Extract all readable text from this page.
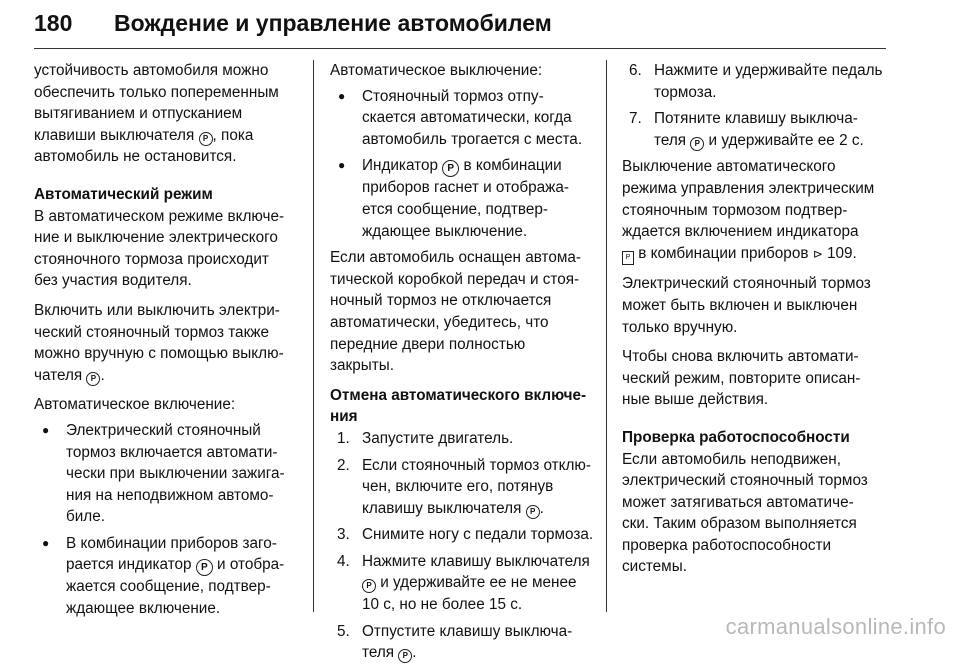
180 Вождение и управление автомобилем

устойчивость автомобиля можно
обеспечить только попеременным
вытягиванием и отпусканием
клавиши выключателя P , пока
автомобиль не остановится.

Автоматический режим

В автоматическом режиме включе-
ние и выключение электрического
стояночного тормоза происходит
без участия водителя.

Включить или выключить электри-
ческий стояночный тормоз также
можно вручную с помощью выклю-
чателя P .

Автоматическое включение:

● Электрический стояночный
тормоз включается автомати-
чески при выключении зажига-
ния на неподвижном автомо-
биле.
● В комбинации приборов заго-
рается индикатор P и отобра-
жается сообщение, подтвер-
ждающее включение.

Автоматическое выключение:

● Стояночный тормоз отпу-
скается автоматически, когда
автомобиль трогается с места.
● Индикатор P в комбинации
приборов гаснет и отобража-
ется сообщение, подтвер-
ждающее выключение.

Если автомобиль оснащен автома-
тической коробкой передач и стоя-
ночный тормоз не отключается
автоматически, убедитесь, что
передние двери полностью
закрыты.

Отмена автоматического включе-
ния

1. Запустите двигатель.
2. Если стояночный тормоз отклю-
чен, включите его, потянув
клавишу выключателя P .
3. Снимите ногу с педали тормоза.
4. Нажмите клавишу выключателя
P и удерживайте ее не менее
10 с, но не более 15 с.
5. Отпустите клавишу выключа-
теля P .
6. Нажмите и удерживайте педаль
тормоза.
7. Потяните клавишу выключа-
теля P и удерживайте ее 2 с.

Выключение автоматического
режима управления электрическим
стояночным тормозом подтвер-
ждается включением индикатора
P в комбинации приборов ⊳ 109.

Электрический стояночный тормоз
может быть включен и выключен
только вручную.

Чтобы снова включить автомати-
ческий режим, повторите описан-
ные выше действия.

Проверка работоспособности

Если автомобиль неподвижен,
электрический стояночный тормоз
может затягиваться автоматиче-
ски. Таким образом выполняется
проверка работоспособности
системы.

carmanualsonline.info
